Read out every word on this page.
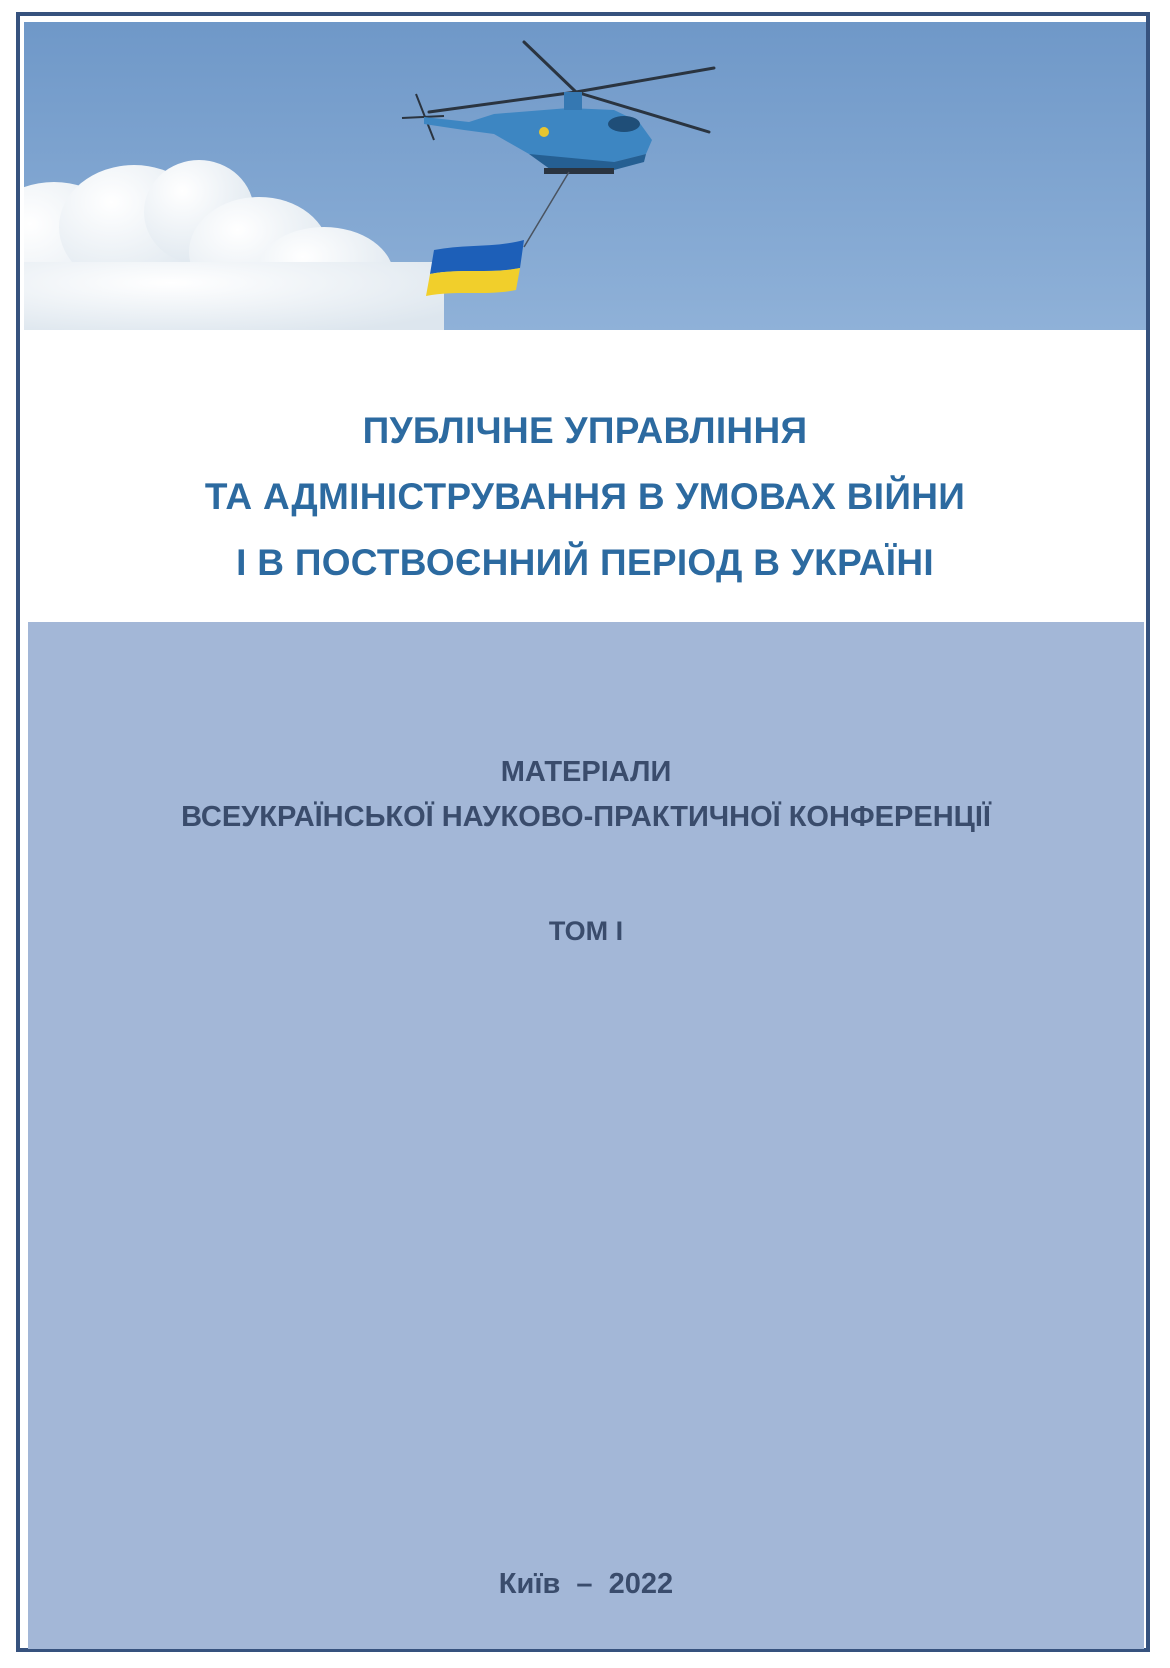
ПУБЛІЧНЕ УПРАВЛІННЯ
ТА АДМІНІСТРУВАННЯ В УМОВАХ ВІЙНИ
І В ПОСТВОЄННИЙ ПЕРІОД В УКРАЇНІ
МАТЕРІАЛИ
ВСЕУКРАЇНСЬКОЇ НАУКОВО-ПРАКТИЧНОЇ КОНФЕРЕНЦІЇ
ТОМ І
Київ  –  2022
